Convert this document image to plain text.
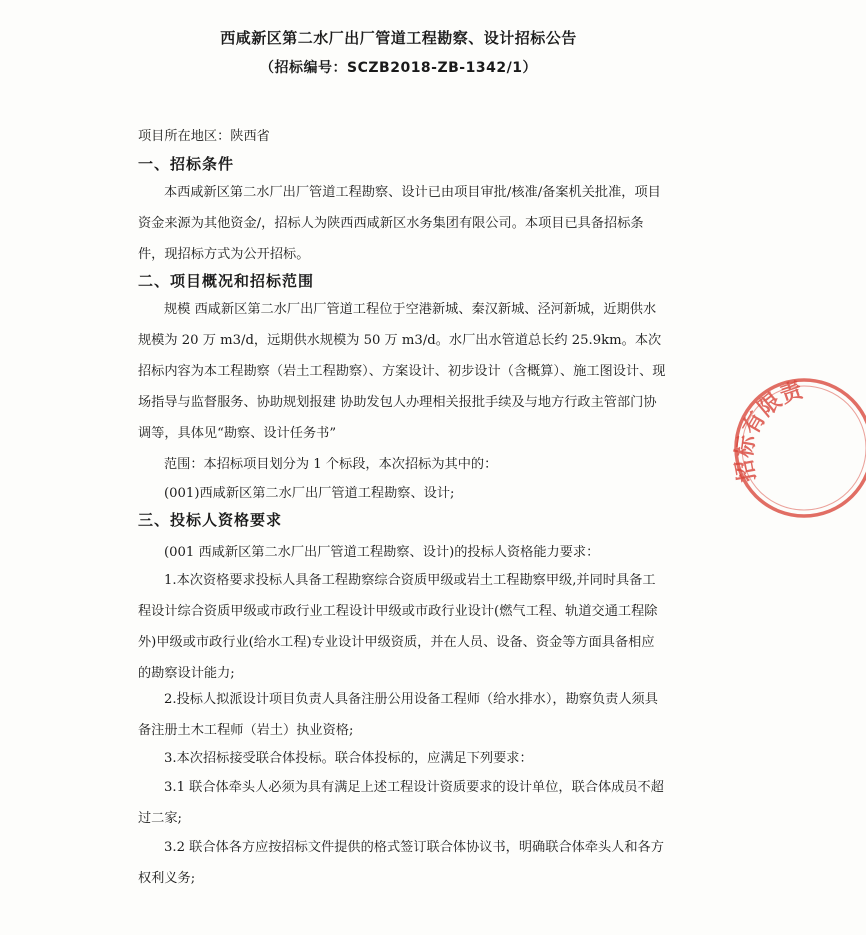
西咸新区第二水厂出厂管道工程勘察、设计招标公告
（招标编号：SCZB2018-ZB-1342/1）
项目所在地区：陕西省
一、招标条件

本西咸新区第二水厂出厂管道工程勘察、设计已由项目审批/核准/备案机关批准，项目资金来源为其他资金/，招标人为陕西西咸新区水务集团有限公司。本项目已具备招标条件，现招标方式为公开招标。

二、项目概况和招标范围

规模 西咸新区第二水厂出厂管道工程位于空港新城、秦汉新城、泾河新城，近期供水规模为 20 万 m3/d，远期供水规模为 50 万 m3/d。水厂出水管道总长约 25.9km。本次招标内容为本工程勘察（岩土工程勘察）、方案设计、初步设计（含概算）、施工图设计、现场指导与监督服务、协助规划报建 协助发包人办理相关报批手续及与地方行政主管部门协调等，具体见“勘察、设计任务书”

范围：本招标项目划分为 1 个标段，本次招标为其中的：

(001)西咸新区第二水厂出厂管道工程勘察、设计;

三、投标人资格要求

(001 西咸新区第二水厂出厂管道工程勘察、设计)的投标人资格能力要求：

1.本次资格要求投标人具备工程勘察综合资质甲级或岩土工程勘察甲级,并同时具备工程设计综合资质甲级或市政行业工程设计甲级或市政行业设计(燃气工程、轨道交通工程除外)甲级或市政行业(给水工程)专业设计甲级资质，并在人员、设备、资金等方面具备相应的勘察设计能力;

2.投标人拟派设计项目负责人具备注册公用设备工程师（给水排水），勘察负责人须具备注册土木工程师（岩土）执业资格;

3.本次招标接受联合体投标。联合体投标的，应满足下列要求：

3.1 联合体牵头人必须为具有满足上述工程设计资质要求的设计单位，联合体成员不超过二家;

3.2 联合体各方应按招标文件提供的格式签订联合体协议书，明确联合体牵头人和各方权利义务;

招标有限责
